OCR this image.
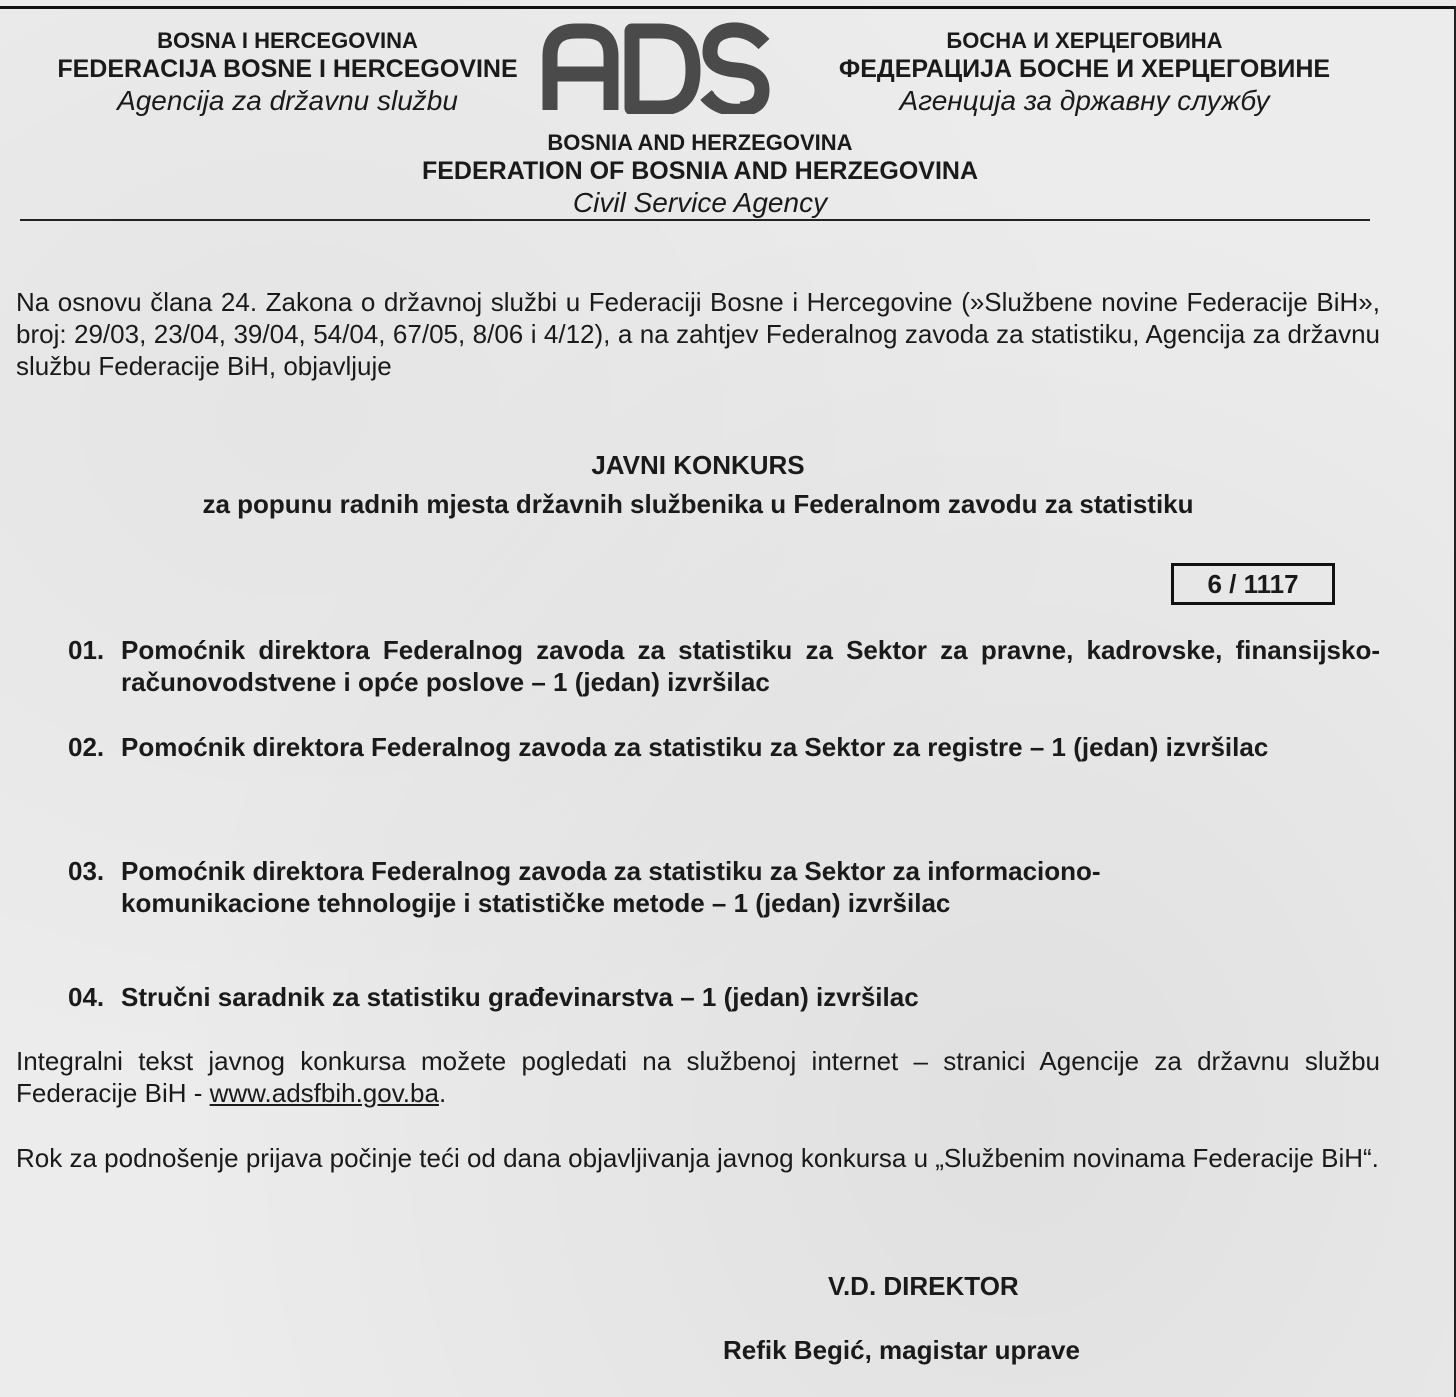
BOSNA I HERCEGOVINA
FEDERACIJA BOSNE I HERCEGOVINE
Agencija za državnu službu
ADS
БОСНА И ХЕРЦЕГОВИНА
ФЕДЕРАЦИЈА БОСНЕ И ХЕРЦЕГОВИНЕ
Агенција за државну службу
BOSNIA AND HERZEGOVINA
FEDERATION OF BOSNIA AND HERZEGOVINA
Civil Service Agency
Na osnovu člana 24. Zakona o državnoj službi u Federaciji Bosne i Hercegovine (»Službene novine Federacije BiH», broj: 29/03, 23/04, 39/04, 54/04, 67/05, 8/06 i 4/12), a na zahtjev Federalnog zavoda za statistiku, Agencija za državnu službu Federacije BiH, objavljuje
JAVNI KONKURS
za popunu radnih mjesta državnih službenika u Federalnom zavodu za statistiku
6 / 1117
01. Pomoćnik direktora Federalnog zavoda za statistiku za Sektor za pravne, kadrovske, finansijsko-računovodstvene i opće poslove – 1 (jedan) izvršilac
02. Pomoćnik direktora Federalnog zavoda za statistiku za Sektor za registre – 1 (jedan) izvršilac
03. Pomoćnik direktora Federalnog zavoda za statistiku za Sektor za informaciono-komunikacione tehnologije i statističke metode – 1 (jedan) izvršilac
04. Stručni saradnik za statistiku građevinarstva – 1 (jedan) izvršilac
Integralni tekst javnog konkursa možete pogledati na službenoj internet – stranici Agencije za državnu službu Federacije BiH - www.adsfbih.gov.ba.
Rok za podnošenje prijava počinje teći od dana objavljivanja javnog konkursa u „Službenim novinama Federacije BiH“.
V.D. DIREKTOR
Refik Begić, magistar uprave
